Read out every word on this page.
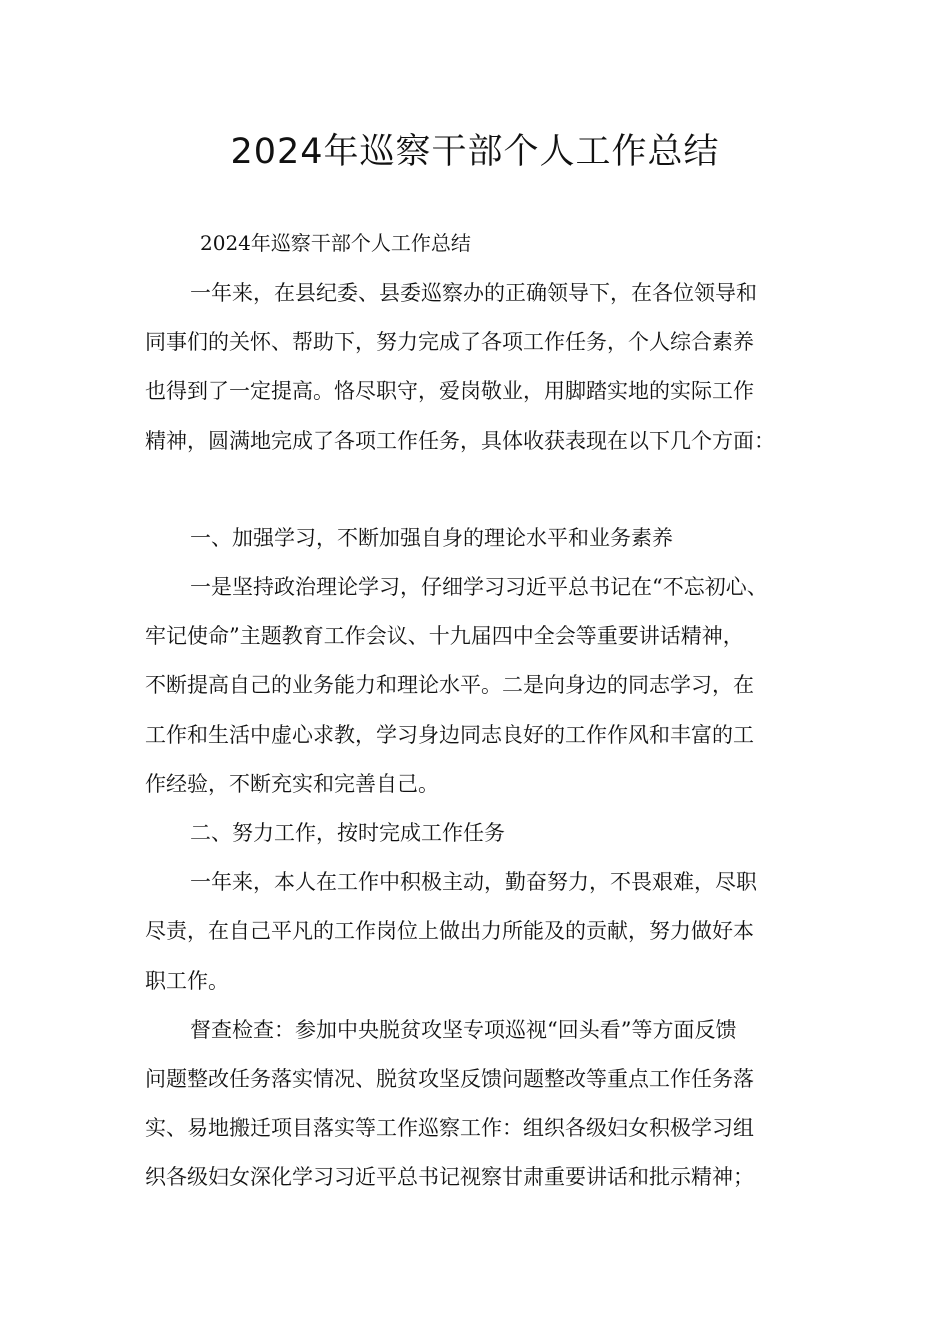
2024年巡察干部个人工作总结

2024年巡察干部个人工作总结

一年来，在县纪委、县委巡察办的正确领导下，在各位领导和
同事们的关怀、帮助下，努力完成了各项工作任务，个人综合素养
也得到了一定提高。恪尽职守，爱岗敬业，用脚踏实地的实际工作
精神，圆满地完成了各项工作任务，具体收获表现在以下几个方面：
一、加强学习，不断加强自身的理论水平和业务素养
一是坚持政治理论学习，仔细学习习近平总书记在“不忘初心、
牢记使命”主题教育工作会议、十九届四中全会等重要讲话精神，
不断提高自己的业务能力和理论水平。二是向身边的同志学习，在
工作和生活中虚心求教，学习身边同志良好的工作作风和丰富的工
作经验，不断充实和完善自己。
二、努力工作，按时完成工作任务
一年来，本人在工作中积极主动，勤奋努力，不畏艰难，尽职
尽责，在自己平凡的工作岗位上做出力所能及的贡献，努力做好本
职工作。
督查检查：参加中央脱贫攻坚专项巡视“回头看”等方面反馈
问题整改任务落实情况、脱贫攻坚反馈问题整改等重点工作任务落
实、易地搬迁项目落实等工作巡察工作：组织各级妇女积极学习组
织各级妇女深化学习习近平总书记视察甘肃重要讲话和批示精神；
